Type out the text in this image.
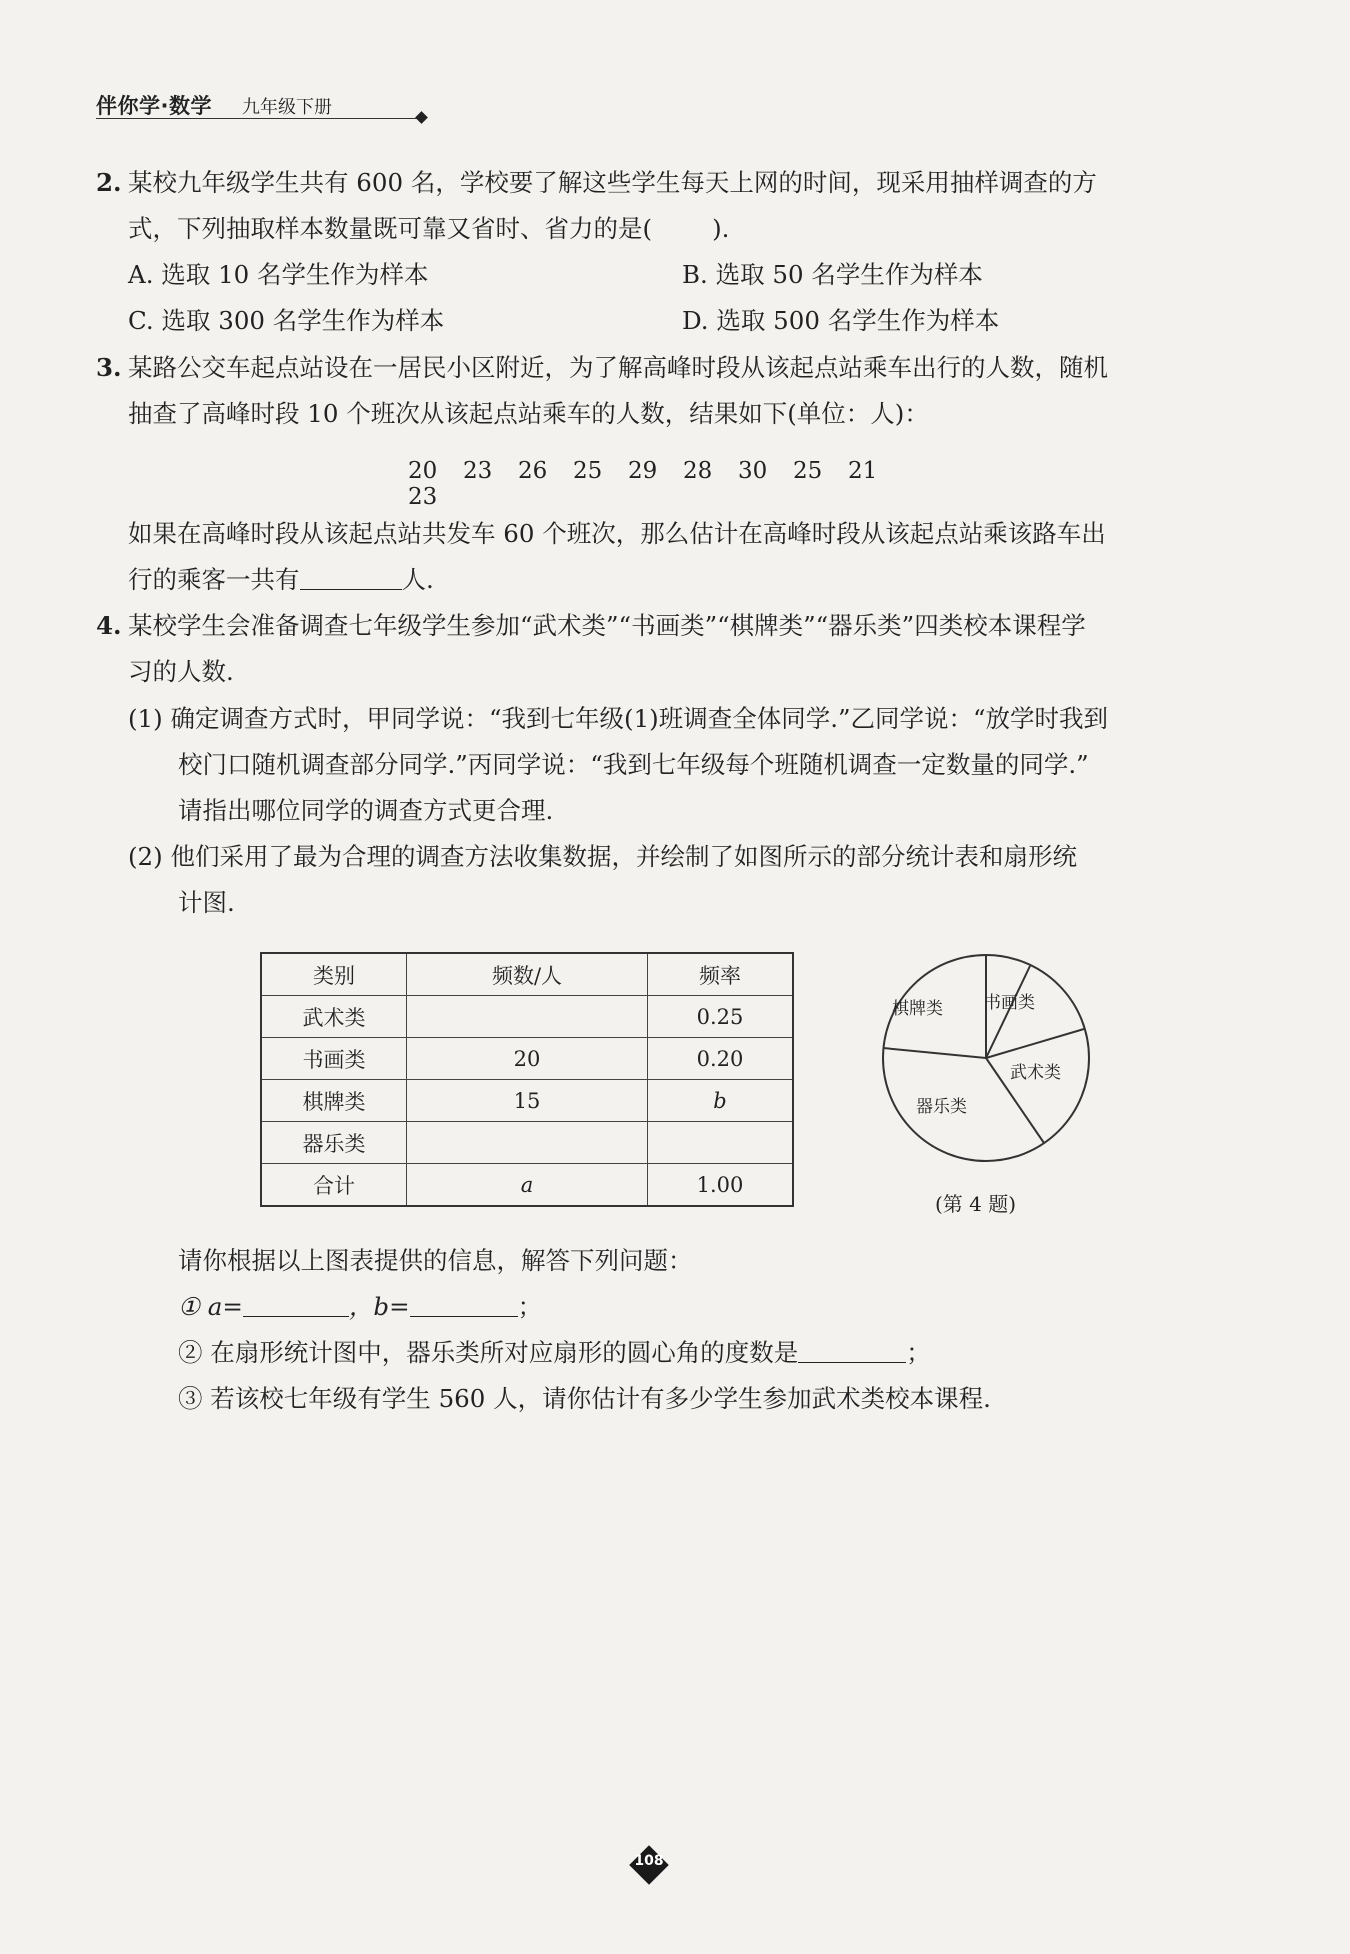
伴你学·数学 九年级下册
2. 某校九年级学生共有 600 名，学校要了解这些学生每天上网的时间，现采用抽样调查的方
式，下列抽取样本数量既可靠又省时、省力的是( ).
A. 选取 10 名学生作为样本	B. 选取 50 名学生作为样本
C. 选取 300 名学生作为样本	D. 选取 500 名学生作为样本
3. 某路公交车起点站设在一居民小区附近，为了解高峰时段从该起点站乘车出行的人数，随机
抽查了高峰时段 10 个班次从该起点站乘车的人数，结果如下(单位：人)：
20 23 26 25 29 28 30 25 2123
如果在高峰时段从该起点站共发车 60 个班次，那么估计在高峰时段从该起点站乘该路车出
行的乘客一共有	人.
4. 某校学生会准备调查七年级学生参加“武术类”“书画类”“棋牌类”“器乐类”四类校本课程学
习的人数.
(1) 确定调查方式时，甲同学说：“我到七年级(1)班调查全体同学.”乙同学说：“放学时我到
校门口随机调查部分同学.”丙同学说：“我到七年级每个班随机调查一定数量的同学.”
请指出哪位同学的调查方式更合理.
(2) 他们采用了最为合理的调查方法收集数据，并绘制了如图所示的部分统计表和扇形统
计图.
类别	频数/人	频率
武术类		0.25
书画类	20	0.20
棋牌类	15	b
器乐类		
合计	a	1.00
棋牌类 书画类
武术类
器乐类
(第 4 题)
请你根据以上图表提供的信息，解答下列问题：
① a=	，b=	；
② 在扇形统计图中，器乐类所对应扇形的圆心角的度数是	；
③ 若该校七年级有学生 560 人，请你估计有多少学生参加武术类校本课程.
108
